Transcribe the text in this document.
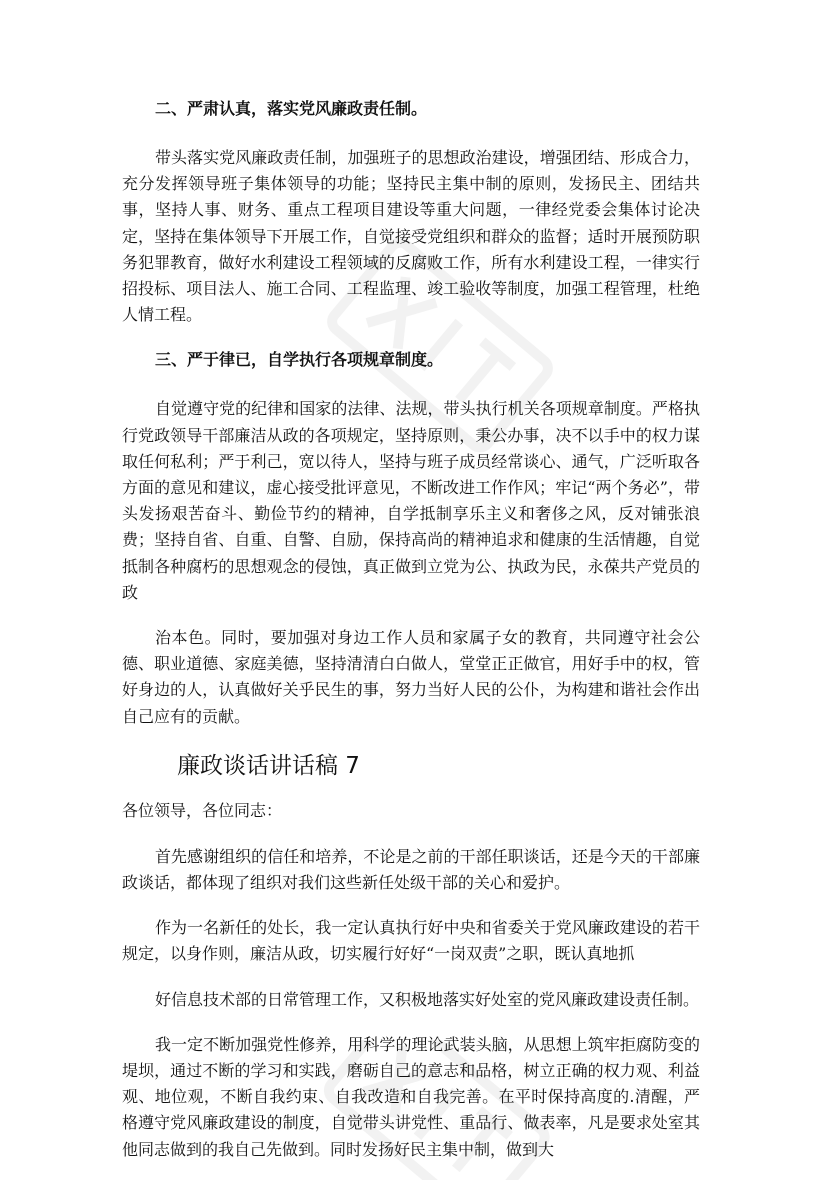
二、严肃认真，落实党风廉政责任制。

带头落实党风廉政责任制，加强班子的思想政治建设，增强团结、形成合力，充分发挥领导班子集体领导的功能；坚持民主集中制的原则，发扬民主、团结共事，坚持人事、财务、重点工程项目建设等重大问题，一律经党委会集体讨论决定，坚持在集体领导下开展工作，自觉接受党组织和群众的监督；适时开展预防职务犯罪教育，做好水利建设工程领域的反腐败工作，所有水利建设工程，一律实行招投标、项目法人、施工合同、工程监理、竣工验收等制度，加强工程管理，杜绝人情工程。

三、严于律已，自学执行各项规章制度。

自觉遵守党的纪律和国家的法律、法规，带头执行机关各项规章制度。严格执行党政领导干部廉洁从政的各项规定，坚持原则，秉公办事，决不以手中的权力谋取任何私利；严于利己，宽以待人，坚持与班子成员经常谈心、通气，广泛听取各方面的意见和建议，虚心接受批评意见，不断改进工作作风；牢记“两个务必”，带头发扬艰苦奋斗、勤俭节约的精神，自学抵制享乐主义和奢侈之风，反对铺张浪费；坚持自省、自重、自警、自励，保持高尚的精神追求和健康的生活情趣，自觉抵制各种腐朽的思想观念的侵蚀，真正做到立党为公、执政为民，永葆共产党员的政

治本色。同时，要加强对身边工作人员和家属子女的教育，共同遵守社会公德、职业道德、家庭美德，坚持清清白白做人，堂堂正正做官，用好手中的权，管好身边的人，认真做好关乎民生的事，努力当好人民的公仆，为构建和谐社会作出自己应有的贡献。

廉政谈话讲话稿 7
各位领导，各位同志：

首先感谢组织的信任和培养，不论是之前的干部任职谈话，还是今天的干部廉政谈话，都体现了组织对我们这些新任处级干部的关心和爱护。

作为一名新任的处长，我一定认真执行好中央和省委关于党风廉政建设的若干规定，以身作则，廉洁从政，切实履行好好“一岗双责”之职，既认真地抓

好信息技术部的日常管理工作，又积极地落实好处室的党风廉政建设责任制。

我一定不断加强党性修养，用科学的理论武装头脑，从思想上筑牢拒腐防变的堤坝，通过不断的学习和实践，磨砺自己的意志和品格，树立正确的权力观、利益观、地位观，不断自我约束、自我改造和自我完善。在平时保持高度的.清醒，严格遵守党风廉政建设的制度，自觉带头讲党性、重品行、做表率，凡是要求处室其他同志做到的我自己先做到。同时发扬好民主集中制，做到大
